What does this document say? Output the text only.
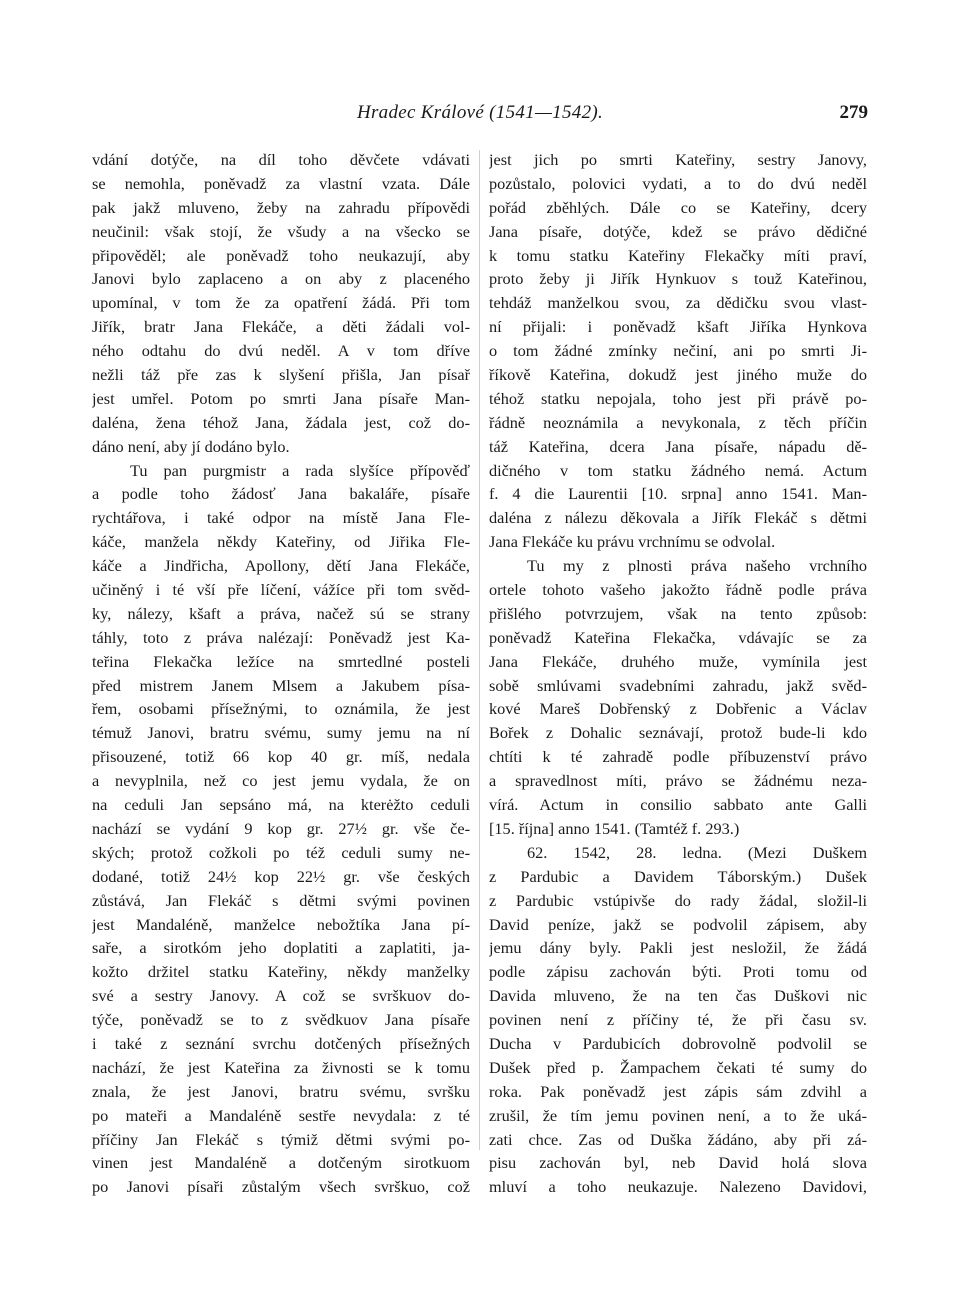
Hradec Králové (1541—1542).	279
vdání dotýče, na díl toho děvčete vdávati
se nemohla, poněvadž za vlastní vzata. Dále
pak jakž mluveno, žeby na zahradu přípovědi
neučinil: však stojí, že všudy a na všecko se
připověděl; ale poněvadž toho neukazují, aby
Janovi bylo zaplaceno a on aby z placeného
upomínal, v tom že za opatření žádá. Při tom
Jiřík, bratr Jana Flekáče, a děti žádali vol-
ného odtahu do dvú neděl. A v tom dříve
nežli táž pře zas k slyšení přišla, Jan písař
jest umřel. Potom po smrti Jana písaře Man-
daléna, žena téhož Jana, žádala jest, což do-
dáno není, aby jí dodáno bylo.
Tu pan purgmistr a rada slyšíce přípověď
a podle toho žádosť Jana bakaláře, písaře
rychtářova, i také odpor na místě Jana Fle-
káče, manžela někdy Kateřiny, od Jiřika Fle-
káče a Jindřicha, Apollony, dětí Jana Flekáče,
učiněný i té vší pře líčení, vážíce při tom svěd-
ky, nálezy, kšaft a práva, načež sú se strany
táhly, toto z práva nalézají: Poněvadž jest Ka-
teřina Flekačka ležíce na smrtedlné posteli
před mistrem Janem Mlsem a Jakubem písa-
řem, osobami přísežnými, to oznámila, že jest
témuž Janovi, bratru svému, sumy jemu na ní
přisouzené, totiž 66 kop 40 gr. míš, nedala
a nevyplnila, než co jest jemu vydala, že on
na ceduli Jan sepsáno má, na kterėžto ceduli
nachází se vydání 9 kop gr. 27½ gr. vše če-
ských; protož cožkoli po též ceduli sumy ne-
dodané, totiž 24½ kop 22½ gr. vše českých
zůstává, Jan Flekáč s dětmi svými povinen
jest Mandaléně, manželce nebožtíka Jana pí-
saře, a sirotkóm jeho doplatiti a zaplatiti, ja-
kožto držitel statku Kateřiny, někdy manželky
své a sestry Janovy. A což se svrškuov do-
týče, poněvadž se to z svědkuov Jana písaře
i také z seznání svrchu dotčených přísežných
nachází, že jest Kateřina za živnosti se k tomu
znala, že jest Janovi, bratru svému, svršku
po mateři a Mandaléně sestře nevydala: z té
příčiny Jan Flekáč s týmiž dětmi svými po-
vinen jest Mandaléně a dotčeným sirotkuom
po Janovi písaři zůstalým všech svrškuo, což
jest jich po smrti Kateřiny, sestry Janovy,
pozůstalo, polovici vydati, a to do dvú neděl
pořád zběhlých. Dále co se Kateřiny, dcery
Jana písaře, dotýče, kdež se právo dědičné
k tomu statku Kateřiny Flekačky míti praví,
proto žeby ji Jiřík Hynkuov s touž Kateřinou,
tehdáž manželkou svou, za dědičku svou vlast-
ní přijali: i poněvadž kšaft Jiříka Hynkova
o tom žádné zmínky nečiní, ani po smrti Ji-
říkově Kateřina, dokudž jest jiného muže do
téhož statku nepojala, toho jest při právě po-
řádně neoznámila a nevykonala, z těch příčin
táž Kateřina, dcera Jana písaře, nápadu dě-
dičného v tom statku žádného nemá. Actum
f. 4 die Laurentii [10. srpna] anno 1541. Man-
daléna z nálezu děkovala a Jiřík Flekáč s dětmi
Jana Flekáče ku právu vrchnímu se odvolal.
Tu my z plnosti práva našeho vrchního
ortele tohoto vašeho jakožto řádně podle práva
přišlého potvrzujem, však na tento způsob:
poněvadž Kateřina Flekačka, vdávajíc se za
Jana Flekáče, druhého muže, vymínila jest
sobě smlúvami svadebními zahradu, jakž svěd-
kové Mareš Dobřenský z Dobřenic a Václav
Bořek z Dohalic seznávají, protož bude-li kdo
chtíti k té zahradě podle příbuzenství právo
a spravedlnost míti, právo se žádnému neza-
vírá. Actum in consilio sabbato ante Galli
[15. října] anno 1541. (Tamtéž f. 293.)
62. 1542, 28. ledna. (Mezi Duškem
z Pardubic a Davidem Táborským.) Dušek
z Pardubic vstúpivše do rady žádal, složil-li
David peníze, jakž se podvolil zápisem, aby
jemu dány byly. Pakli jest nesložil, že žádá
podle zápisu zachován býti. Proti tomu od
Davida mluveno, že na ten čas Duškovi nic
povinen není z příčiny té, že při času sv.
Ducha v Pardubicích dobrovolně podvolil se
Dušek před p. Žampachem čekati té sumy do
roka. Pak poněvadž jest zápis sám zdvihl a
zrušil, že tím jemu povinen není, a to že uká-
zati chce. Zas od Duška žádáno, aby při zá-
pisu zachován byl, neb David holá slova
mluví a toho neukazuje. Nalezeno Davidovi,
